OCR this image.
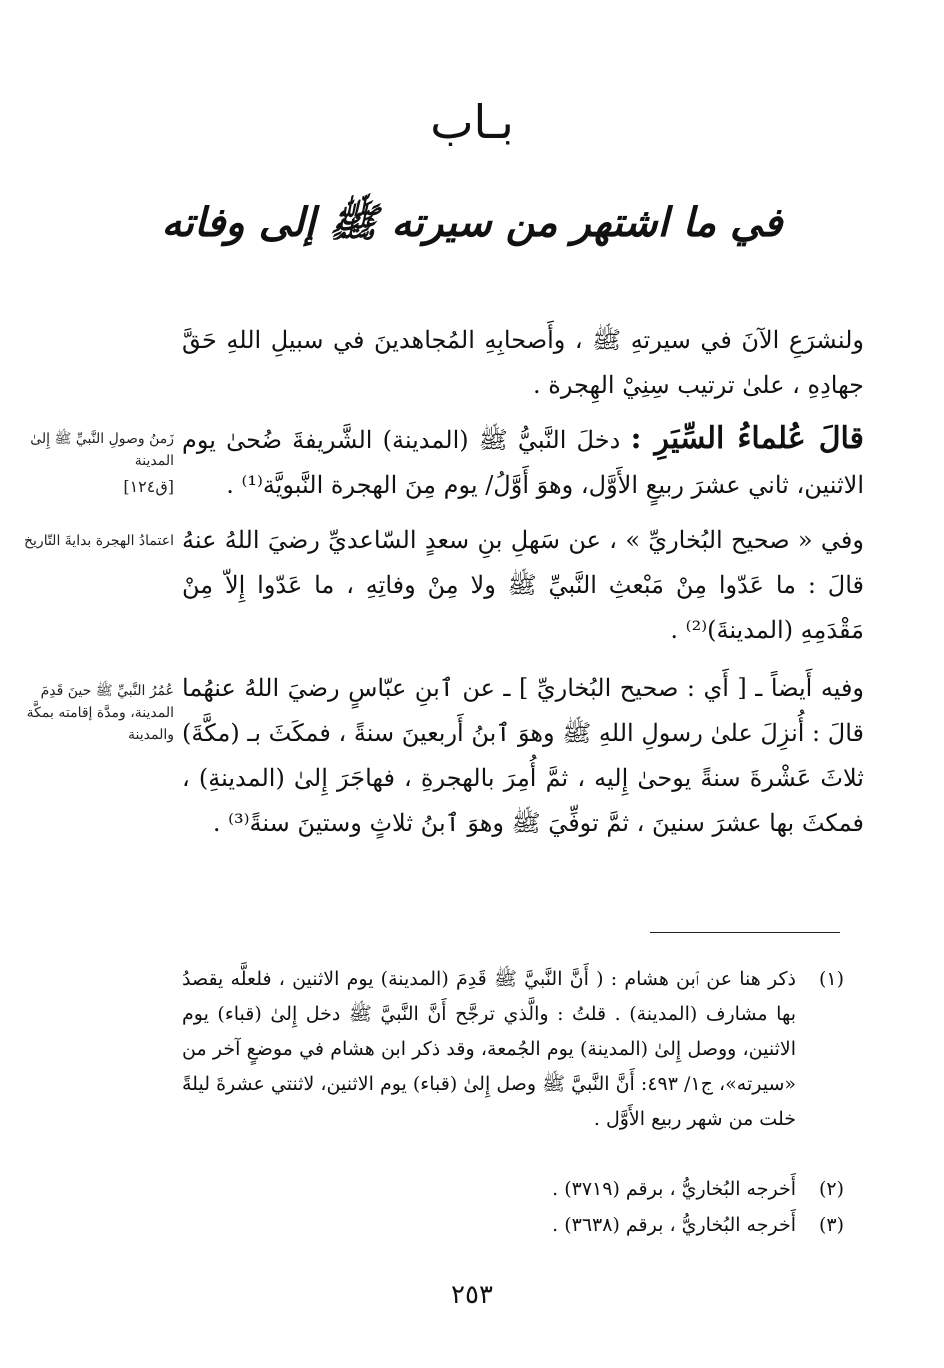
بـاب
في ما اشتهر من سيرته ﷺ إلى وفاته

ولنشرَعِ الآنَ في سيرتهِ ﷺ ، وأَصحابِهِ المُجاهدينَ في سبيلِ اللهِ حَقَّ جهادِهِ ، علىٰ ترتيب سِنِيْ الهِجرة .

قالَ عُلماءُ السِّيَرِ : دخلَ النَّبيُّ ﷺ (المدينة) الشَّريفةَ ضُحىٰ يوم الاثنين، ثاني عشرَ ربيعٍ الأَوَّل، وهوَ أَوَّلُ/ يوم مِنَ الهجرة النَّبويَّة⁽¹⁾ .

وفي « صحيح البُخاريِّ » ، عن سَهلِ بنِ سعدٍ السّاعديِّ رضيَ اللهُ عنهُ قالَ : ما عَدّوا مِنْ مَبْعثِ النَّبيِّ ﷺ ولا مِنْ وفاتِهِ ، ما عَدّوا إِلاّ مِنْ مَقْدَمِهِ (المدينةَ)⁽²⁾ .

وفيه أَيضاً ـ [ أَي : صحيح البُخاريِّ ] ـ عن ٱبنِ عبّاسٍ رضيَ اللهُ عنهُما قالَ : أُنزِلَ علىٰ رسولِ اللهِ ﷺ وهوَ ٱبنُ أَربعينَ سنةً ، فمكَثَ بـ (مكَّةَ) ثلاثَ عَشْرةَ سنةً يوحىٰ إِليه ، ثمَّ أُمِرَ بالهجرةِ ، فهاجَرَ إِلىٰ (المدينةِ) ، فمكثَ بها عشرَ سنينَ ، ثمَّ توفِّيَ ﷺ وهوَ ٱبنُ ثلاثٍ وستينَ سنةً⁽³⁾ .

زَمنُ وصولِ النَّبيِّ ﷺ إِلىٰ المدينة
[ق١٢٤]
اعتمادُ الهجرة بدايةَ التّاريخ
عُمُرُ النَّبيِّ ﷺ حينَ قَدِمَ المدينة، ومدَّة إقامته بمكَّة والمدينة
(١)
ذكر هنا عن ٱبن هشام : ( أَنَّ النَّبيَّ ﷺ قَدِمَ (المدينة) يوم الاثنين ، فلعلَّه يقصدُ بها مشارف (المدينة) . قلتُ : والَّذي ترجَّح أَنَّ النَّبيَّ ﷺ دخل إِلىٰ (قباء) يوم الاثنين، ووصل إِلىٰ (المدينة) يوم الجُمعة، وقد ذكر ابن هشام في موضعٍ آخر من «سيرته»، ج١/ ٤٩٣: أَنَّ النَّبيَّ ﷺ وصل إِلىٰ (قباء) يوم الاثنين، لاثنتي عشرةَ ليلةً خلت من شهر ربيع الأَوَّل .
(٢)
أَخرجه البُخاريُّ ، برقم (٣٧١٩) .
(٣)
أَخرجه البُخاريُّ ، برقم (٣٦٣٨) .
٢٥٣
